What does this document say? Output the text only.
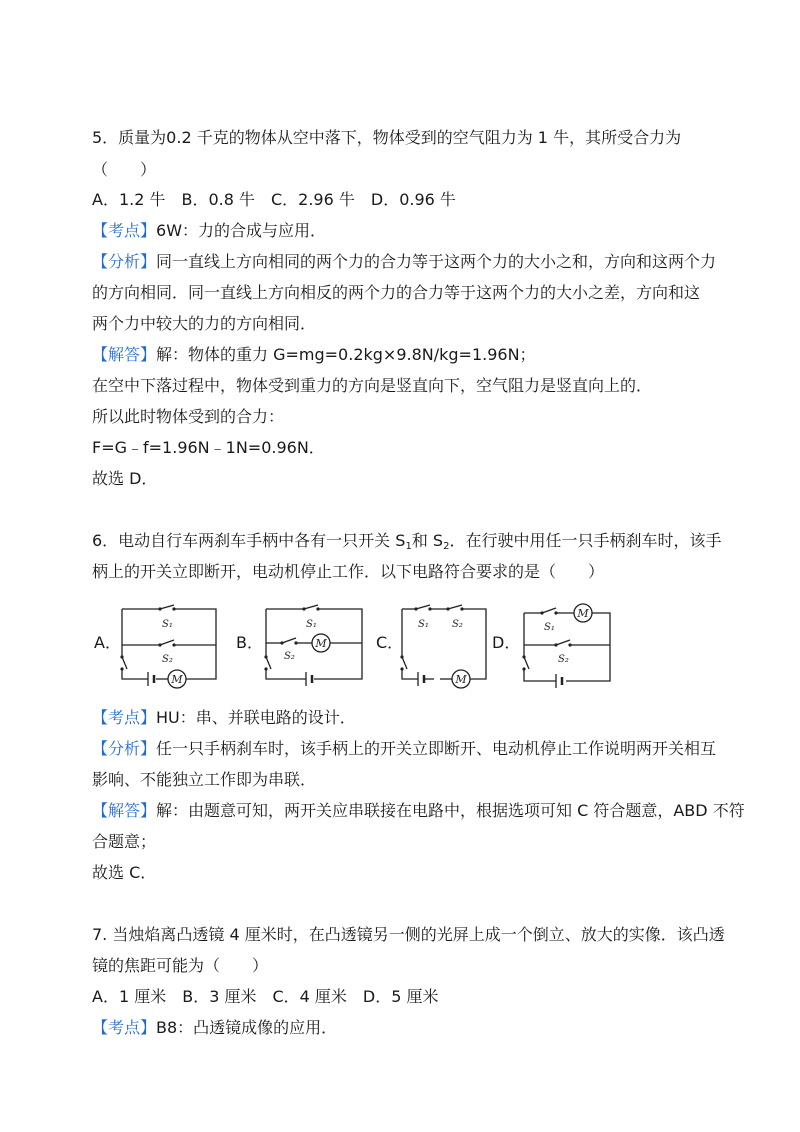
5．质量为0.2 千克的物体从空中落下，物体受到的空气阻力为 1 牛，其所受合力为
（　　）
A．1.2 牛　B．0.8 牛　C．2.96 牛　D．0.96 牛
【考点】6W：力的合成与应用．
【分析】同一直线上方向相同的两个力的合力等于这两个力的大小之和，方向和这两个力
的方向相同．同一直线上方向相反的两个力的合力等于这两个力的大小之差，方向和这
两个力中较大的力的方向相同．
【解答】解：物体的重力 G=mg=0.2kg×9.8N/kg=1.96N；
在空中下落过程中，物体受到重力的方向是竖直向下，空气阻力是竖直向上的．
所以此时物体受到的合力：
F=G﹣f=1.96N﹣1N=0.96N．
故选 D．
6．电动自行车两刹车手柄中各有一只开关 $S_1$和 $S_2$．在行驶中用任一只手柄刹车时，该手
柄上的开关立即断开，电动机停止工作．以下电路符合要求的是（　　）
A．	B．	C．	D．
M
S₁
S₂
M
S₁
S₂
M
S₁ S₂
M
S₁
S₂
【考点】HU：串、并联电路的设计．
【分析】任一只手柄刹车时，该手柄上的开关立即断开、电动机停止工作说明两开关相互
影响、不能独立工作即为串联．
【解答】解：由题意可知，两开关应串联接在电路中，根据选项可知 C 符合题意，ABD 不符
合题意；
故选 C．
7. 当烛焰离凸透镜 4 厘米时，在凸透镜另一侧的光屏上成一个倒立、放大的实像．该凸透
镜的焦距可能为（　　）
A．1 厘米　B．3 厘米　C．4 厘米　D．5 厘米
【考点】B8：凸透镜成像的应用．
